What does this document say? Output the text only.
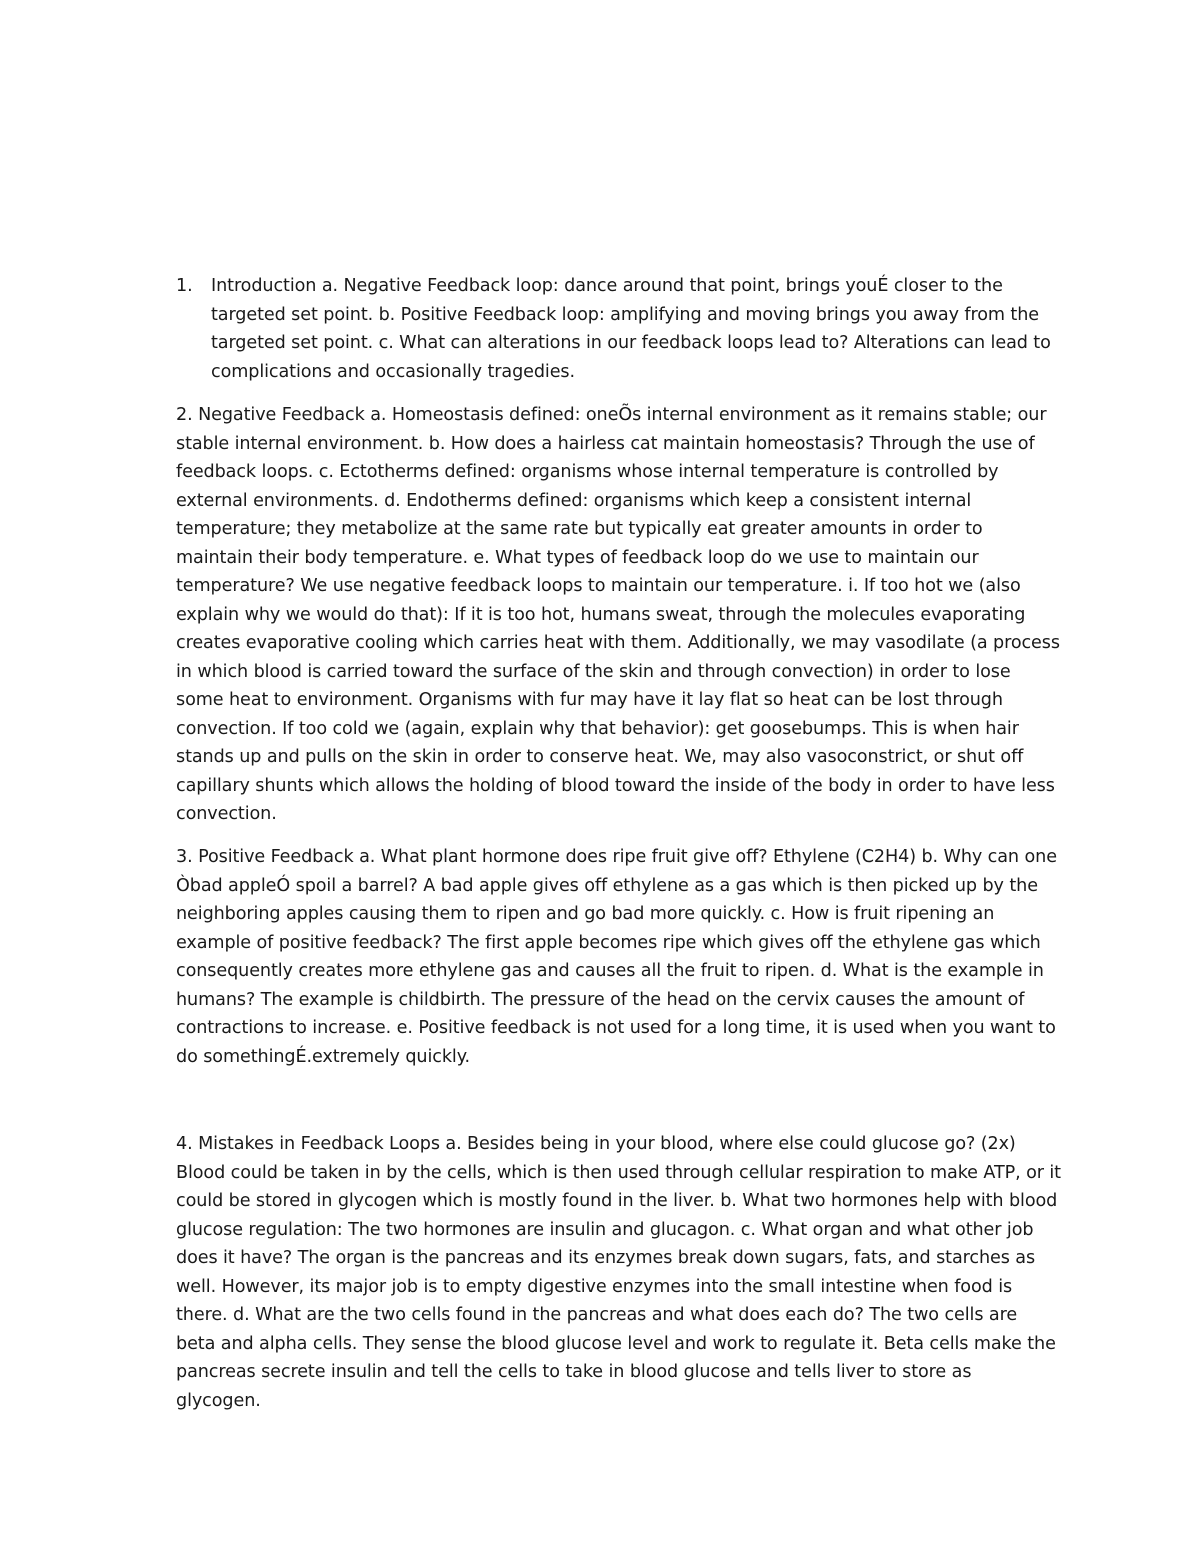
1.	Introduction a. Negative Feedback loop: dance around that point, brings youÉ closer to the targeted set point. b. Positive Feedback loop: amplifying and moving brings you away from the targeted set point. c. What can alterations in our feedback loops lead to? Alterations can lead to complications and occasionally tragedies.

2. Negative Feedback a. Homeostasis defined: oneÕs internal environment as it remains stable; our stable internal environment. b. How does a hairless cat maintain homeostasis? Through the use of feedback loops. c. Ectotherms defined: organisms whose internal temperature is controlled by external environments. d. Endotherms defined: organisms which keep a consistent internal temperature; they metabolize at the same rate but typically eat greater amounts in order to maintain their body temperature. e. What types of feedback loop do we use to maintain our temperature? We use negative feedback loops to maintain our temperature. i. If too hot we (also explain why we would do that): If it is too hot, humans sweat, through the molecules evaporating creates evaporative cooling which carries heat with them. Additionally, we may vasodilate (a process in which blood is carried toward the surface of the skin and through convection) in order to lose some heat to environment. Organisms with fur may have it lay flat so heat can be lost through convection. If too cold we (again, explain why that behavior): get goosebumps. This is when hair stands up and pulls on the skin in order to conserve heat. We, may also vasoconstrict, or shut off capillary shunts which allows the holding of blood toward the inside of the body in order to have less convection.

3. Positive Feedback a. What plant hormone does ripe fruit give off? Ethylene (C2H4) b. Why can one Òbad appleÓ spoil a barrel? A bad apple gives off ethylene as a gas which is then picked up by the neighboring apples causing them to ripen and go bad more quickly. c. How is fruit ripening an example of positive feedback? The first apple becomes ripe which gives off the ethylene gas which consequently creates more ethylene gas and causes all the fruit to ripen. d. What is the example in humans? The example is childbirth. The pressure of the head on the cervix causes the amount of contractions to increase. e. Positive feedback is not used for a long time, it is used when you want to do somethingÉ.extremely quickly.

4. Mistakes in Feedback Loops a. Besides being in your blood, where else could glucose go? (2x) Blood could be taken in by the cells, which is then used through cellular respiration to make ATP, or it could be stored in glycogen which is mostly found in the liver. b. What two hormones help with blood glucose regulation: The two hormones are insulin and glucagon. c. What organ and what other job does it have? The organ is the pancreas and its enzymes break down sugars, fats, and starches as well. However, its major job is to empty digestive enzymes into the small intestine when food is there. d. What are the two cells found in the pancreas and what does each do? The two cells are beta and alpha cells. They sense the blood glucose level and work to regulate it. Beta cells make the pancreas secrete insulin and tell the cells to take in blood glucose and tells liver to store as glycogen.
